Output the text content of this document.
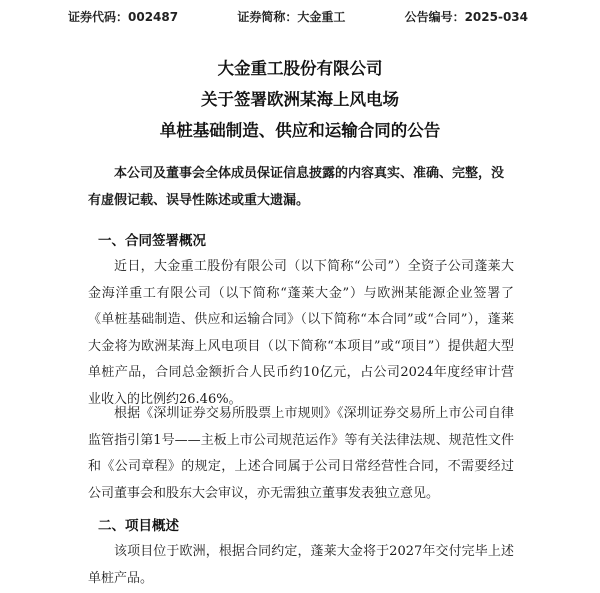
证券代码：002487	证券简称：大金重工	公告编号：2025-034
大金重工股份有限公司
关于签署欧洲某海上风电场
单桩基础制造、供应和运输合同的公告

本公司及董事会全体成员保证信息披露的内容真实、准确、完整，没有虚假记载、误导性陈述或重大遗漏。

一、合同签署概况

近日，大金重工股份有限公司（以下简称“公司”）全资子公司蓬莱大金海洋重工有限公司（以下简称“蓬莱大金”）与欧洲某能源企业签署了《单桩基础制造、供应和运输合同》（以下简称“本合同”或“合同”），蓬莱大金将为欧洲某海上风电项目（以下简称“本项目”或“项目”）提供超大型单桩产品，合同总金额折合人民币约10亿元，占公司2024年度经审计营业收入的比例约26.46%。

根据《深圳证券交易所股票上市规则》《深圳证券交易所上市公司自律监管指引第1号——主板上市公司规范运作》等有关法律法规、规范性文件和《公司章程》的规定，上述合同属于公司日常经营性合同，不需要经过公司董事会和股东大会审议，亦无需独立董事发表独立意见。

二、项目概述

该项目位于欧洲，根据合同约定，蓬莱大金将于2027年交付完毕上述单桩产品。
